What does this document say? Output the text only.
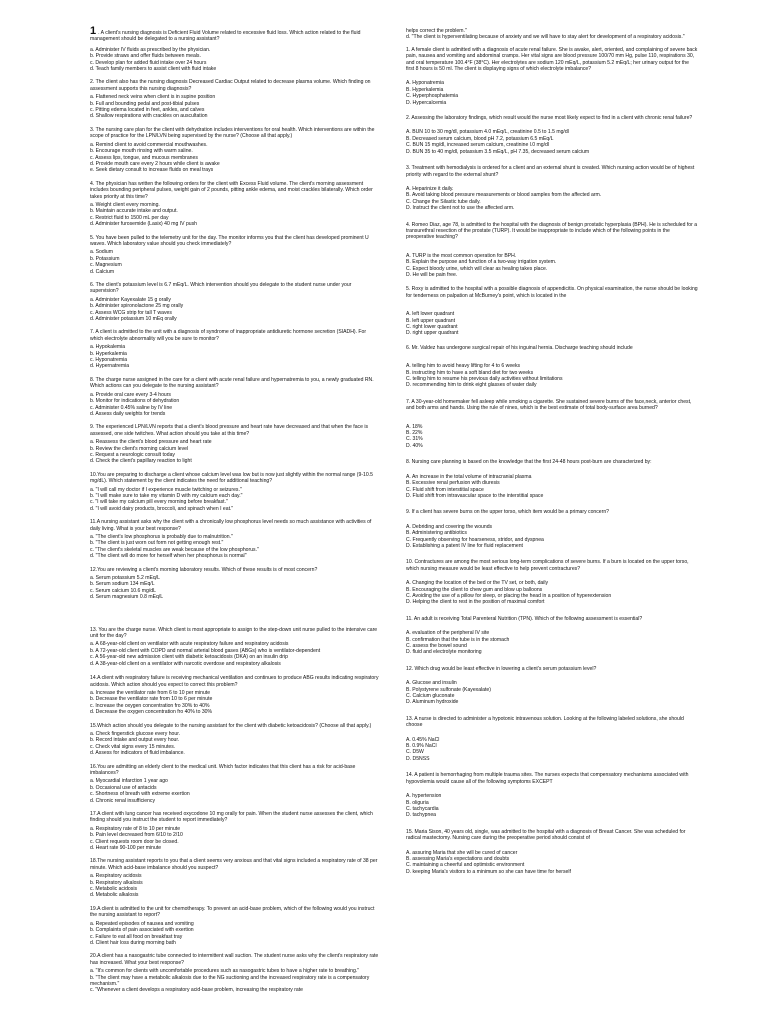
1 . A client's nursing diagnosis is Deficient Fluid Volume related to excessive fluid loss. Which action related to the fluid management should be delegated to a nursing assistant?

a. Administer IV fluids as prescribed by the physician.

b. Provide straws and offer fluids between meals.

c. Develop plan for added fluid intake over 24 hours

d. Teach family members to assist client with fluid intake

2. The client also has the nursing diagnosis Decreased Cardiac Output related to decrease plasma volume. Which finding on assessment supports this nursing diagnosis?

a. Flattened neck veins when client is in supine position

b. Full and bounding pedal and post-tibial pulses

c. Pitting edema located in feet, ankles, and calves

d. Shallow respirations with crackles on auscultation

3. The nursing care plan for the client with dehydration includes interventions for oral health. Which interventions are within the scope of practice for the LPN/LVN being supervised by the nurse? (Choose all that apply.)

a. Remind client to avoid commercial mouthwashes.

b. Encourage mouth rinsing with warm saline.

c. Assess lips, tongue, and mucous membranes

d. Provide mouth care every 2 hours while client is awake

e. Seek dietary consult to increase fluids on meal trays

4. The physician has written the following orders for the client with Excess Fluid volume. The client's morning assessment includes bounding peripheral pulses, weight gain of 2 pounds, pitting ankle edema, and moist crackles bilaterally. Which order takes priority at this time?

a. Weight client every morning.

b. Maintain accurate intake and output.

c. Restrict fluid to 1500 mL per day

d. Administer furosemide (Lasix) 40 mg IV push

5. You have been pulled to the telemetry unit for the day. The monitor informs you that the client has developed prominent U waves. Which laboratory value should you check immediately?

a. Sodium

b. Potassium

c. Magnesium

d. Calcium

6. The client's potassium level is 6.7 mEq/L. Which intervention should you delegate to the student nurse under your supervision?

a. Administer Kayexalate 15 g orally

b. Administer spironolactone 25 mg orally

c. Assess WCG strip for tall T waves

d. Administer potassium 10 mEq orally

7. A client is admitted to the unit with a diagnosis of syndrome of inappropriate antidiuretic hormone secretion (SIADH). For which electrolyte abnormality will you be sure to monitor?

a. Hypokalemia

b. Hyperkalemia

c. Hyponatremia

d. Hypernatremia

8. The charge nurse assigned in the care for a client with acute renal failure and hypernatremia to you, a newly graduated RN. Which actions can you delegate to the nursing assistant?

a. Provide oral care every 3-4 hours

b. Monitor for indications of dehydration

c. Administer 0.45% saline by IV line

d. Assess daily weights for trends

9. The experienced LPN/LVN reports that a client's blood pressure and heart rate have decreased and that when the face is assessed, one side twitches. What action should you take at this time?

a. Reassess the client's blood pressure and heart rate

b. Review the client's morning calcium level

c. Request a neurologic consult today

d. Check the client's papillary reaction to light

10.You are preparing to discharge a client whose calcium level was low but is now just slightly within the normal range (9-10.5 mg/dL). Which statement by the client indicates the need for additional teaching?

a. "I will call my doctor if I experience muscle twitching or seizures."

b. "I will make sure to take my vitamin D with my calcium each day."

c. "I will take my calcium pill every morning before breakfast."

d. "I will avoid dairy products, broccoli, and spinach when I eat."

11.A nursing assistant asks why the client with a chronically low phosphorus level needs so much assistance with activities of daily living. What is your best response?

a. "The client's low phosphorus is probably due to malnutrition."

b. "The client is just worn out form not getting enough rest."

c. "The client's skeletal muscles are weak because of the low phosphorus."

d. "The client will do more for herself when her phosphorus is normal"

12.You are reviewing a client's morning laboratory results. Which of these results is of most concern?

a. Serum potassium 5.2 mEq/L

b. Serum sodium 134 mEq/L

c. Serum calcium 10.6 mg/dL

d. Serum magnesium 0.8 mEq/L

13. You are the charge nurse. Which client is most appropriate to assign to the step-down unit nurse pulled to the intensive care unit for the day?

a. A 68-year-old client on ventilator with acute respiratory failure and respiratory acidosis

b. A 72-year-old client with COPD and normal arterial blood gases (ABGs) who is ventilator-dependent

c. A 56-year-old new admission client with diabetic ketoacidosis (DKA) on an insulin drip

d. A 38-year-old client on a ventilator with narcotic overdose and respiratory alkalosis

14.A client with respiratory failure is receiving mechanical ventilation and continues to produce ABG results indicating respiratory acidosis. Which action should you expect to correct this problem?

a. Increase the ventilator rate from 6 to 10 per minute

b. Decrease the ventilator rate from 10 to 6 per minute

c. Increase the oxygen concentration fro 30% to 40%

d. Decrease the oxygen concentration fro 40% to 30%

15.Which action should you delegate to the nursing assistant for the client with diabetic ketoacidosis? (Choose all that apply.)

a. Check fingerstick glucose every hour.

b. Record intake and output every hour.

c. Check vital signs every 15 minutes.

d. Assess for indicators of fluid imbalance.

16.You are admitting an elderly client to the medical unit. Which factor indicates that this client has a risk for acid-base imbalances?

a. Myocardial infarction 1 year ago

b. Occasional use of antacids

c. Shortness of breath with extreme exertion

d. Chronic renal insufficiency

17.A client with lung cancer has received oxycodone 10 mg orally for pain. When the student nurse assesses the client, which finding should you instruct the student to report immediately?

a. Respiratory rate of 8 to 10 per minute

b. Pain level decreased from 6/10 to 2/10

c. Client requests room door be closed.

d. Heart rate 90-100 per minute

18.The nursing assistant reports to you that a client seems very anxious and that vital signs included a respiratory rate of 38 per minute. Which acid-base imbalance should you suspect?

a. Respiratory acidosis

b. Respiratory alkalosis

c. Metabolic acidosis

d. Metabolic alkalosis

19.A client is admitted to the unit for chemotherapy. To prevent an acid-base problem, which of the following would you instruct the nursing assistant to report?

a. Repeated episodes of nausea and vomiting

b. Complaints of pain associated with exertion

c. Failure to eat all food on breakfast tray

d. Client hair loss during morning bath

20.A client has a nasogastric tube connected to intermittent wall suction. The student nurse asks why the client's respiratory rate has increased. What your best response?

a. "It's common for clients with uncomfortable procedures such as nasogastric tubes to have a higher rate to breathing."

b. "The client may have a metabolic alkalosis due to the NG suctioning and the increased respiratory rate is a compensatory mechanism."

c. "Whenever a client develops a respiratory acid-base problem, increasing the respiratory rate

helps correct the problem."

d. "The client is hyperventilating because of anxiety and we will have to stay alert for development of a respiratory acidosis."

1. A female client is admitted with a diagnosis of acute renal failure. She is awake, alert, oriented, and complaining of severe back pain, nausea and vomiting and abdominal cramps. Her vital signs are blood pressure 100/70 mm Hg, pulse 110, respirations 30, and oral temperature 100.4°F (38°C). Her electrolytes are sodium 120 mEq/L, potassium 5.2 mEq/L; her urinary output for the first 8 hours is 50 ml. The client is displaying signs of which electrolyte imbalance?

A. Hyponatremia

B. Hyperkalemia

C. Hyperphosphatemia

D. Hypercalcemia

2. Assessing the laboratory findings, which result would the nurse most likely expect to find in a client with chronic renal failure?

A. BUN 10 to 30 mg/dl, potassium 4.0 mEq/L, creatinine 0.5 to 1.5 mg/dl

B. Decreased serum calcium, blood pH 7.2, potassium 6.5 mEq/L

C. BUN 15 mg/dl, increased serum calcium, creatinine l.0 mg/dl

D. BUN 35 to 40 mg/dl, potassium 3.5 mEq/L, pH 7.35, decreased serum calcium

3. Treatment with hemodialysis is ordered for a client and an external shunt is created. Which nursing action would be of highest priority with regard to the external shunt?

A. Heparinize it daily.

B. Avoid taking blood pressure measurements or blood samples from the affected arm.

C. Change the Silastic tube daily.

D. Instruct the client not to use the affected arm.

4. Romeo Diaz, age 78, is admitted to the hospital with the diagnosis of benign prostatic hyperplasia (BPH). He is scheduled for a transurethral resection of the prostate (TURP). It would be inappropriate to include which of the following points in the preoperative teaching?

A. TURP is the most common operation for BPH.

B. Explain the purpose and function of a two-way irrigation system.

C. Expect bloody urine, which will clear as healing takes place.

D. He will be pain free.

5. Roxy is admitted to the hospital with a possible diagnosis of appendicitis. On physical examination, the nurse should be looking for tenderness on palpation at McBurney's point, which is located in the

A. left lower quadrant

B. left upper quadrant

C. right lower quadrant

D. right upper quadrant

6. Mr. Valdez has undergone surgical repair of his inguinal hernia. Discharge teaching should include

A. telling him to avoid heavy lifting for 4 to 6 weeks

B. instructing him to have a soft bland diet for two weeks

C. telling him to resume his previous daily activities without limitations

D. recommending him to drink eight glasses of water daily

7. A 30-year-old homemaker fell asleep while smoking a cigarette. She sustained severe burns of the face,neck, anterior chest, and both arms and hands. Using the rule of nines, which is the best estimate of total body-surface area burned?

A. 18%

B. 22%

C. 31%

D. 40%

8. Nursing care planning is based on the knowledge that the first 24-48 hours post-burn are characterized by:

A. An increase in the total volume of intracranial plasma

B. Excessive renal perfusion with diuresis

C. Fluid shift from interstitial space

D. Fluid shift from intravascular space to the interstitial space

9. If a client has severe burns on the upper torso, which item would be a primary concern?

A. Debriding and covering the wounds

B. Administering antibiotics

C. Frequently observing for hoarseness, stridor, and dyspnea

D. Establishing a patent IV line for fluid replacement

10. Contractures are among the most serious long-term complications of severe burns. If a burn is located on the upper torso, which nursing measure would be least effective to help prevent contractures?

A. Changing the location of the bed or the TV set, or both, daily

B. Encouraging the client to chew gum and blow up balloons

C. Avoiding the use of a pillow for sleep, or placing the head in a position of hyperextension

D. Helping the client to rest in the position of maximal comfort

11. An adult is receiving Total Parenteral Nutrition (TPN). Which of the following assessment is essential?

A. evaluation of the peripheral IV site

B. confirmation that the tube is in the stomach

C. assess the bowel sound

D. fluid and electrolyte monitoring

12. Which drug would be least effective in lowering a client's serum potassium level?

A. Glucose and insulin

B. Polystyrene sulfonate (Kayexalate)

C. Calcium gluconate

D. Aluminum hydroxide

13. A nurse is directed to administer a hypotonic intravenous solution. Looking at the following labeled solutions, she should choose

A. 0.45% NaCl

B. 0.9% NaCl

C. D5W

D. D5NSS

14. A patient is hemorrhaging from multiple trauma sites. The nurses expects that compensatory mechanisms associated with hypovolemia would cause all of the following symptoms EXCEPT

A. hypertension

B. oliguria

C. tachycardia

D. tachypnea

15. Maria Sison, 40 years old, single, was admitted to the hospital with a diagnosis of Breast Cancer. She was scheduled for radical mastectomy. Nursing care during the preoperative period should consist of

A. assuring Maria that she will be cured of cancer

B. assessing Maria's expectations and doubts

C. maintaining a cheerful and optimistic environment

D. keeping Maria's visitors to a minimum so she can have time for herself
